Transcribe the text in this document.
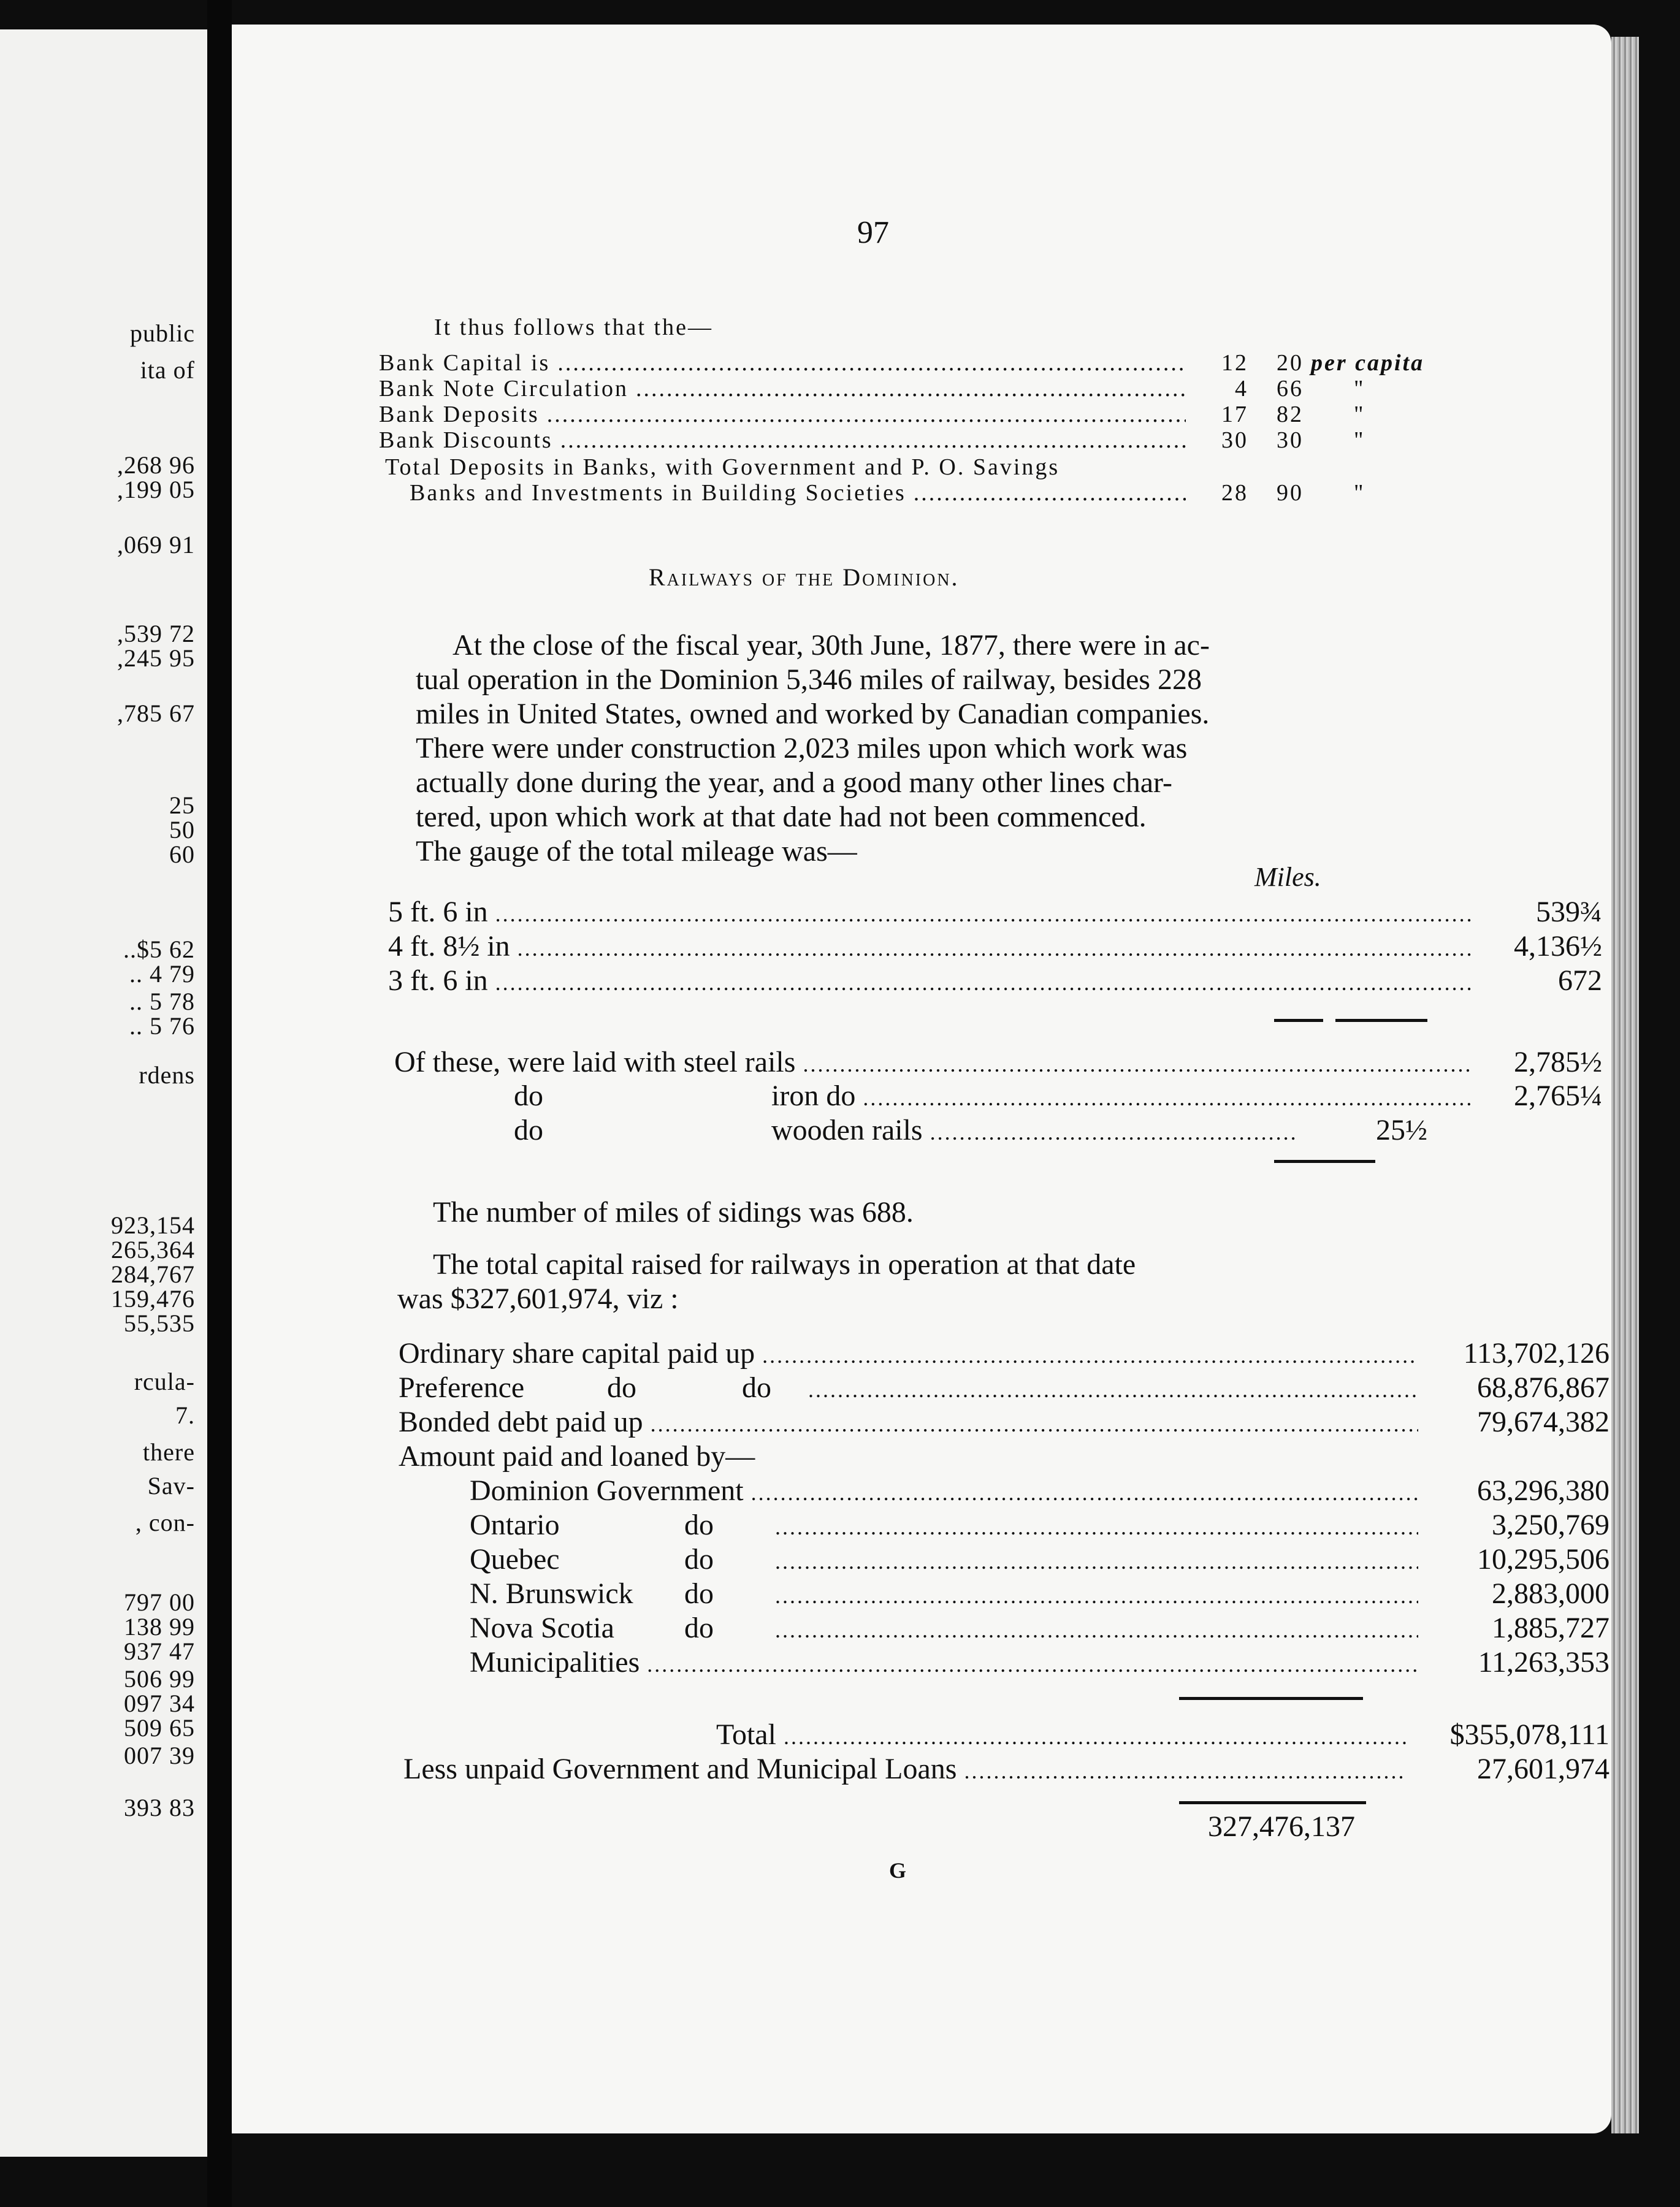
public
ita of
,268 96
,199 05
,069 91
,539 72
,245 95
,785 67
25
50
60
..$5 62
.. 4 79
.. 5 78
.. 5 76
rdens
923,154
265,364
284,767
159,476
55,535
rcula-
7.
there
Sav-
, con-
797 00
138 99
937 47
506 99
097 34
509 65
007 39
393 83
97
It thus follows that the—
Bank Capital is .....	12 20 per capita
Bank Note Circulation .....	4 66	"
Bank Deposits .....	17 82	"
Bank Discounts .....	30 30	"
Total Deposits in Banks, with Government and P. O. Savings
Banks and Investments in Building Societies .....	28 90	"
Railways of the Dominion.
At the close of the fiscal year, 30th June, 1877, there were in ac-
tual operation in the Dominion 5,346 miles of railway, besides 228
miles in United States, owned and worked by Canadian companies.
There were under construction 2,023 miles upon which work was
actually done during the year, and a good many other lines char-
tered, upon which work at that date had not been commenced.
The gauge of the total mileage was—
Miles.
5 ft. 6 in .....	539¾
4 ft. 8½ in .....	4,136½
3 ft. 6 in .....	672
Of these, were laid with steel rails .....	2,785½
do	iron do .....	2,765¼
do	wooden rails .....	25½
The number of miles of sidings was 688.
The total capital raised for railways in operation at that date
was $327,601,974, viz :
Ordinary share capital paid up .....	113,702,126
Preference	do	do .....	68,876,867
Bonded debt paid up .....	79,674,382
Amount paid and loaned by—
Dominion Government .....	63,296,380
Ontario	do .....	3,250,769
Quebec	do .....	10,295,506
N. Brunswick	do .....	2,883,000
Nova Scotia	do .....	1,885,727
Municipalities .....	11,263,353
Total .....	$355,078,111
Less unpaid Government and Municipal Loans .....	27,601,974
327,476,137
G
